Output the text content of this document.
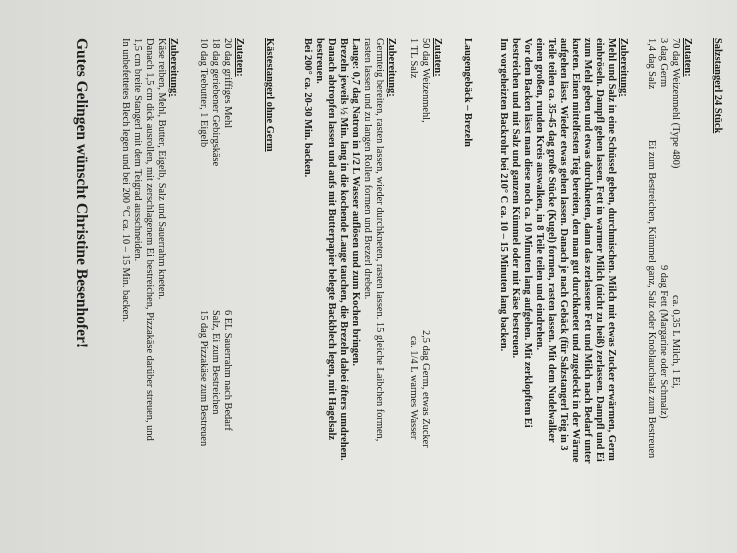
Salzstangerl 24 Stück
Zutaten:
70 dag Weizenmehl (Type 480)
3 dag Germ
1,4 dag Salz
ca. 0,35 L Milch, 1 Ei,
9 dag Fett (Margarine oder Schmalz)
Ei zum Bestreichen, Kümmel ganz, Salz oder Knoblauchsalz zum Bestreuen
Zubereitung:
Mehl und Salz in eine Schüssel geben, durchmischen. Milch mit etwas Zucker erwärmen, Germ
einbröseln. Dampfl gehen lassen. Fett in warmer Milch (nicht zu heiß) zerlassen. Dampfl und Ei
zum Mehl geben und etwas durchkneten, dann das zerlassene Fett und Milch nach Bedarf unter
kneten. Einen mittelfesten Teig bereiten, den man gut durchknetet und zugedeckt in der Wärme
aufgehen lässt. Wieder etwas gehen lassen. Danach je nach Gebäck (für Salzstangerl Teig in 3
Teile teilen ca. 35-45 dag große Stücke (Kugel) formen, rasten lassen. Mit dem Nudelwalker
einen großen, runden Kreis auswalken, in 8 Teile teilen und eindrehen.
Vor dem Backen lässt man diese noch ca. 10 Minuten lang aufgehen. Mit zerklopftem Ei
bestreichen und mit Salz und ganzem Kümmel oder mit Käse bestreuen.
Im vorgeheizten Backrohr bei 210° C ca. 10 – 15 Minuten lang backen.
Laugengebäck – Brezeln
Zutaten:
50 dag Weizenmehl,
1 TL Salz
2,5 dag Germ, etwas Zucker
ca. 1/4 L warmes Wasser
Zubereitung:
Germteig bereiten, rasten lassen, wieder durchkneten, rasten lassen. 15 gleiche Laibchen formen,
rasten lassen und zu langen Rollen formen und Brezerl dreben.
Lauge: 0,7 dag Natron in 1/2 L Wasser auflösen und zum Kochen bringen.
Brezeln jeweils ½ Min. lang in die kochende Lauge tauchen, die Brezeln dabei öfters umdrehen.
Danach abtropfen lassen und aufs mit Butterpapier belegte Backblech legen, mit Hagelsalz
bestreuen.
Bei 200° ca. 20-30 Min. backen.
Kästestangerl ohne Germ
Zutaten:
20 dag griffiges Mehl
18 dag geriebener Gebirgskäse
10 dag Teebutter, 1 Eigelb
6 EL Sauerrahm nach Bedarf
Salz, Ei zum Bestreichen
15 dag Pizzakäse zum Bestreuen
Zubereitung:
Käse reiben, Mehl, Butter, Eigelb, Salz und Sauerrahm kneten.
Danach 1,5 cm dick ausrollen, mit zerschlagenem Ei bestreichen, Pizzakäse darüber streuen, und
1,5 cm breite Stangerl mit dem Teigrad ausschneiden.
In unbefettetes Blech legen und bei 200 °C ca. 10 – 15 Min. backen.
Gutes Gelingen wünscht Christine Besenhofer!
